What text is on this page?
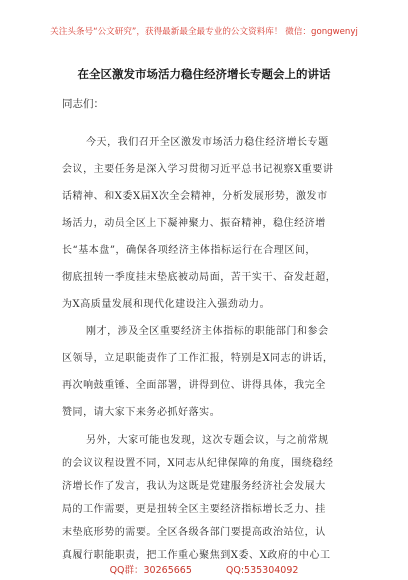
关注头条号“公文研究”，获得最新最全最专业的公文资料库！ 微信：gongwenyj
在全区激发市场活力稳住经济增长专题会上的讲话
同志们：
今天，我们召开全区激发市场活力稳住经济增长专题
会议，主要任务是深入学习贯彻习近平总书记视察X重要讲
话精神、和X委X届X次全会精神，分析发展形势，激发市
场活力，动员全区上下凝神聚力、振奋精神，稳住经济增
长“基本盘”，确保各项经济主体指标运行在合理区间，
彻底扭转一季度挂末垫底被动局面，苦干实干、奋发赶超，
为X高质量发展和现代化建设注入强劲动力。
刚才，涉及全区重要经济主体指标的职能部门和参会
区领导，立足职能责作了工作汇报，特别是X同志的讲话，
再次响鼓重锤、全面部署，讲得到位、讲得具体，我完全
赞同，请大家下来务必抓好落实。
另外，大家可能也发现，这次专题会议，与之前常规
的会议议程设置不同，X同志从纪律保障的角度，围绕稳经
济增长作了发言，我认为这既是党建服务经济社会发展大
局的工作需要，更是扭转全区主要经济指标增长乏力、挂
末垫底形势的需要。全区各级各部门要提高政治站位，认
真履行职能职责，把工作重心聚焦到X委、X政府的中心工
QQ群：30265665	QQ:535304092
